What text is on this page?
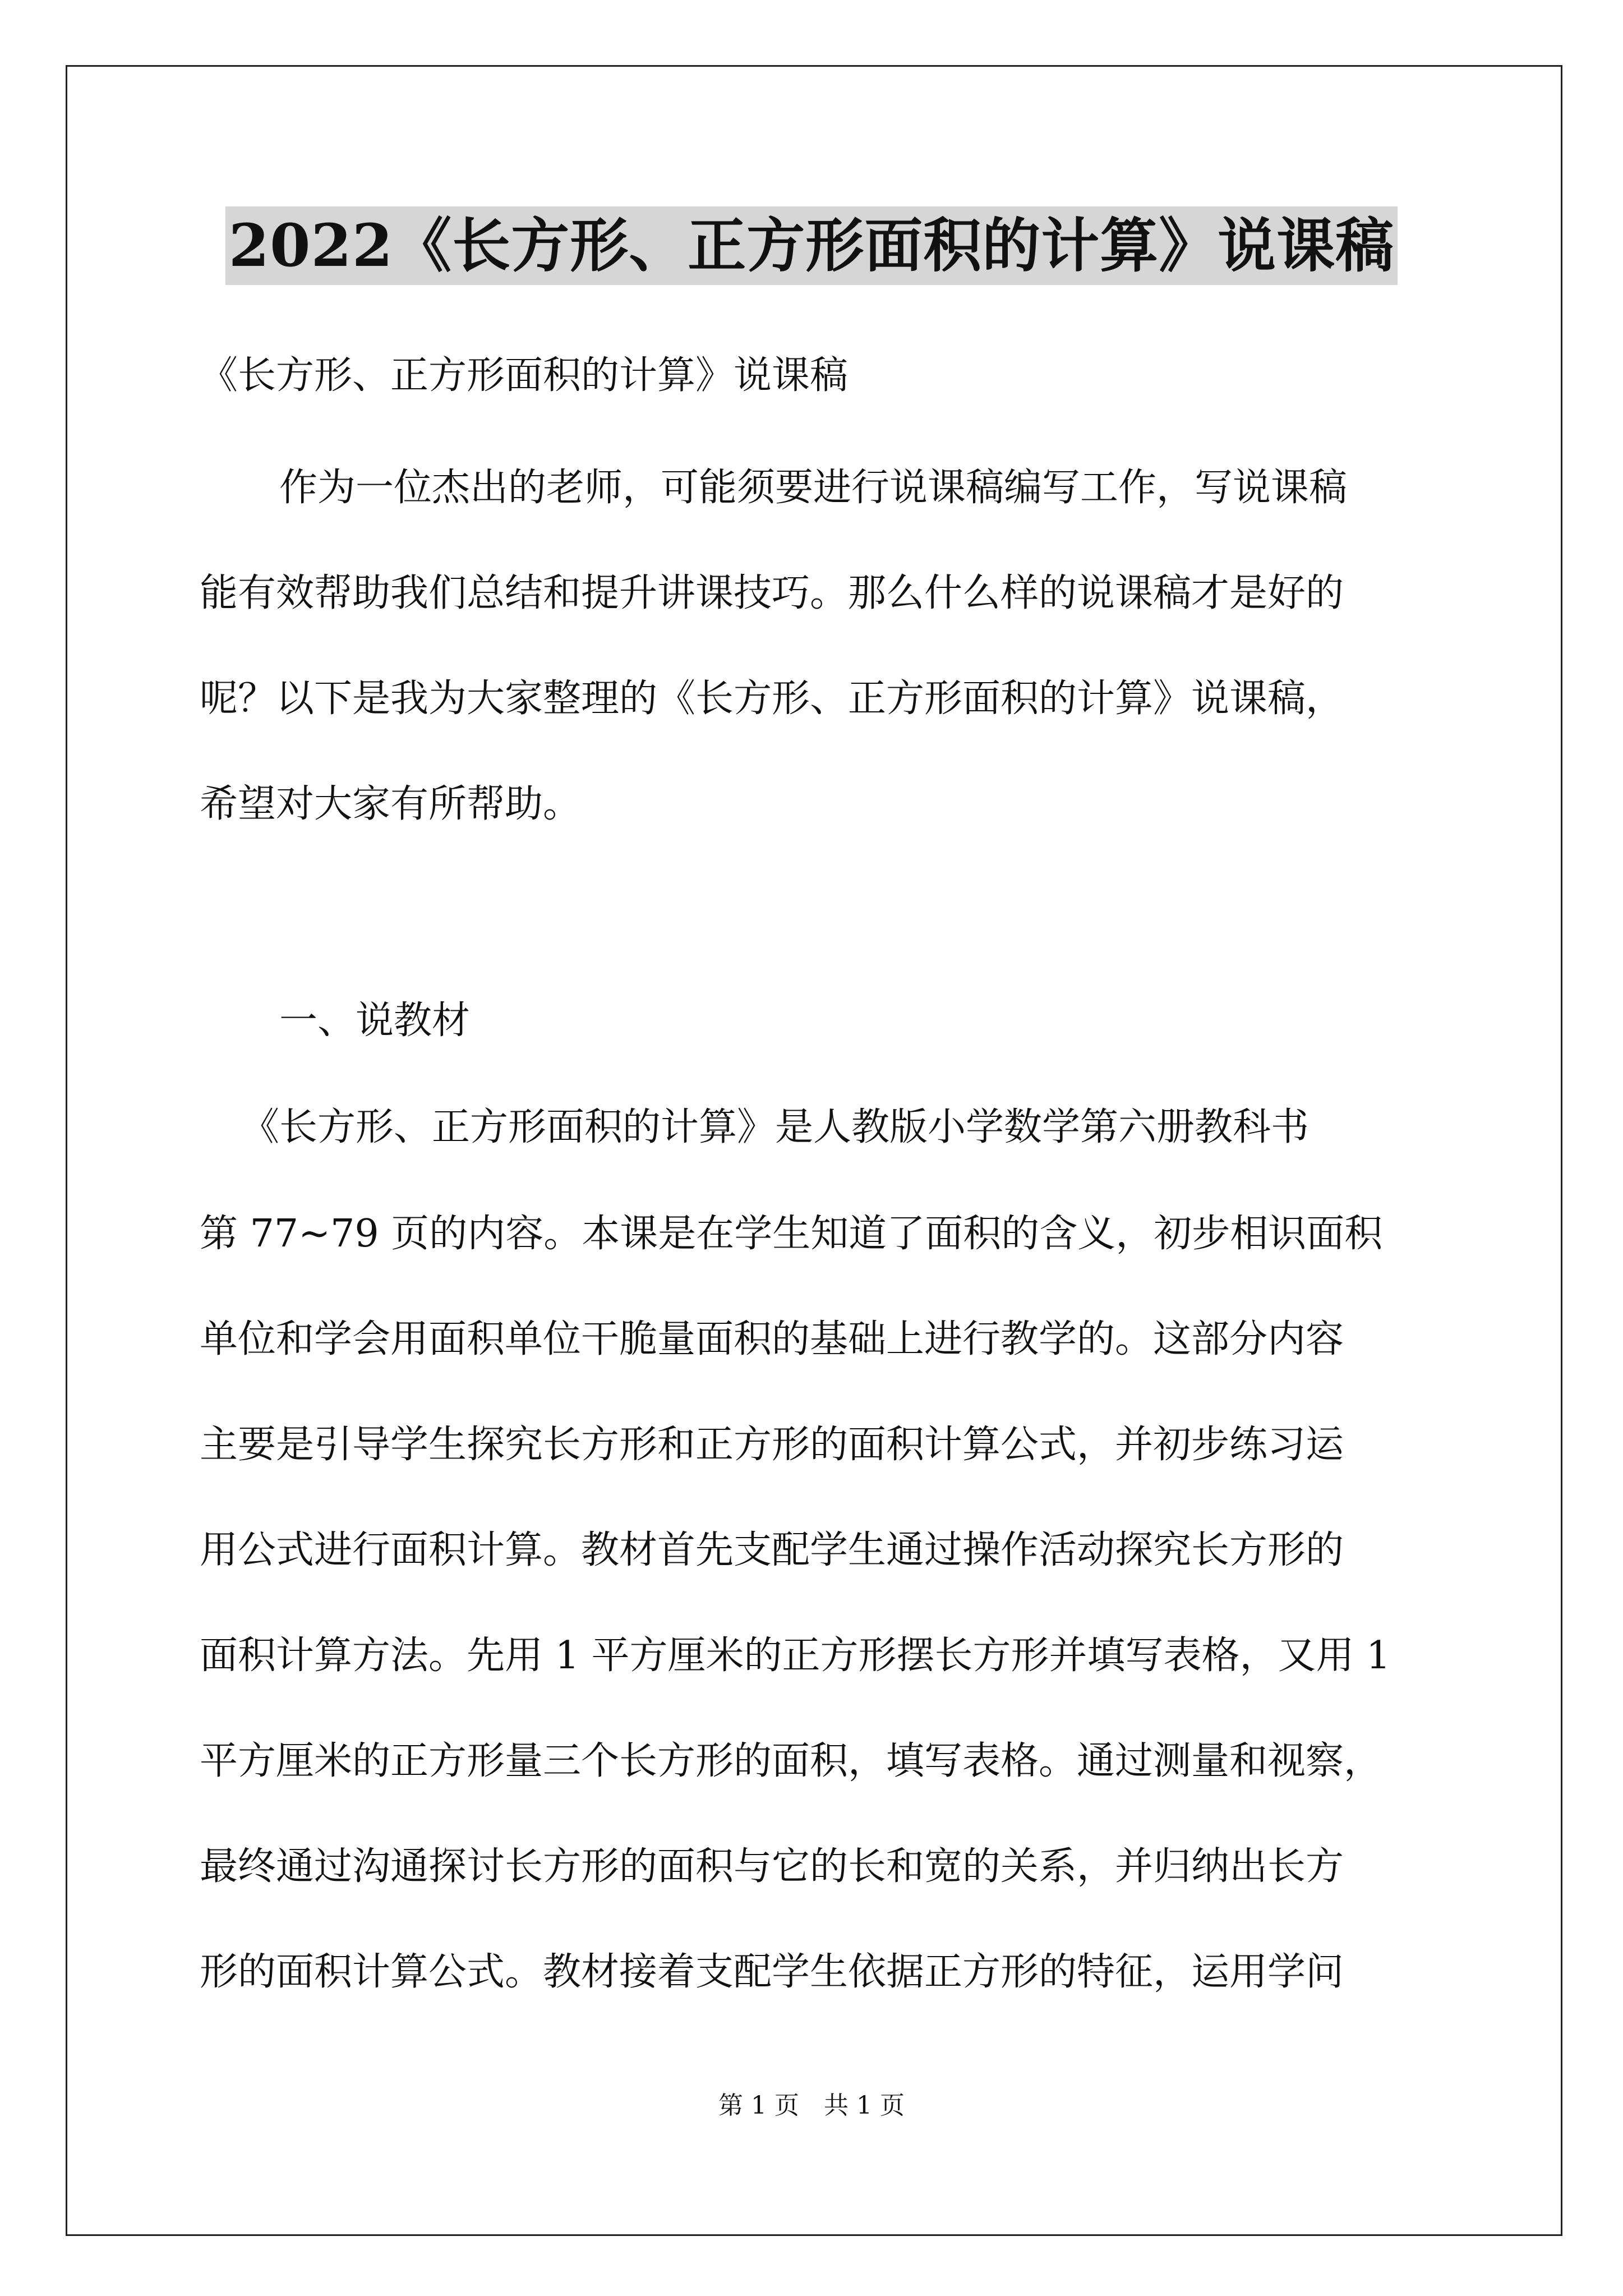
2022《长方形、正方形面积的计算》说课稿

《长方形、正方形面积的计算》说课稿

作为一位杰出的老师，可能须要进行说课稿编写工作，写说课稿

能有效帮助我们总结和提升讲课技巧。那么什么样的说课稿才是好的

呢？以下是我为大家整理的《长方形、正方形面积的计算》说课稿，

希望对大家有所帮助。

一、说教材

《长方形、正方形面积的计算》是人教版小学数学第六册教科书

第 77~79 页的内容。本课是在学生知道了面积的含义，初步相识面积

单位和学会用面积单位干脆量面积的基础上进行教学的。这部分内容

主要是引导学生探究长方形和正方形的面积计算公式，并初步练习运

用公式进行面积计算。教材首先支配学生通过操作活动探究长方形的

面积计算方法。先用 1 平方厘米的正方形摆长方形并填写表格，又用 1

平方厘米的正方形量三个长方形的面积，填写表格。通过测量和视察，

最终通过沟通探讨长方形的面积与它的长和宽的关系，并归纳出长方

形的面积计算公式。教材接着支配学生依据正方形的特征，运用学问

第 1 页　共 1 页
